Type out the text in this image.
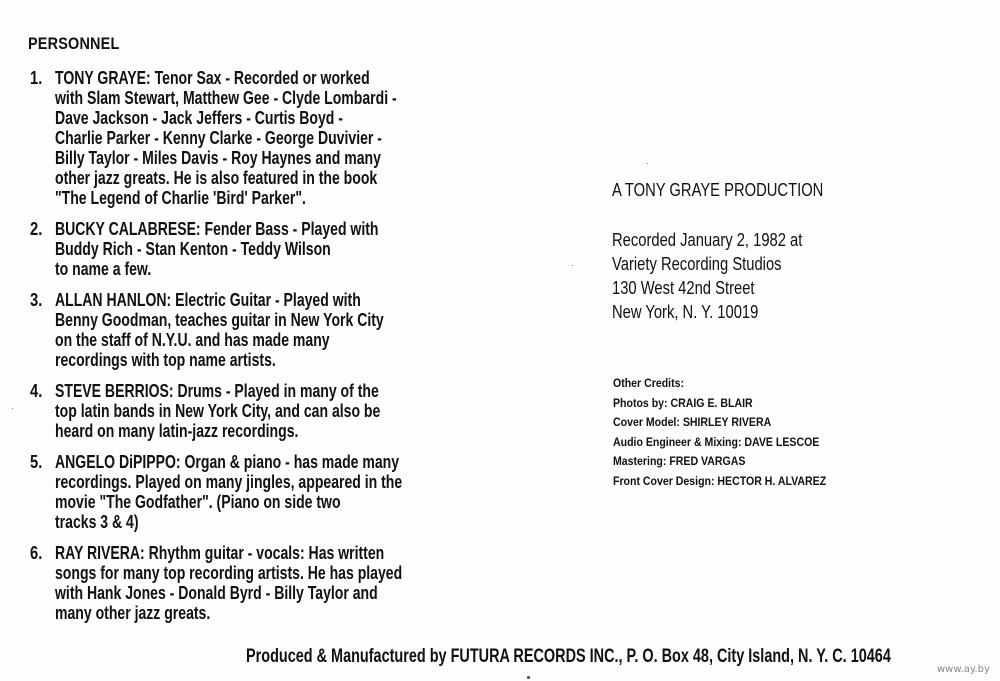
PERSONNEL
1. TONY GRAYE: Tenor Sax - Recorded or worked
with Slam Stewart, Matthew Gee - Clyde Lombardi -
Dave Jackson - Jack Jeffers - Curtis Boyd -
Charlie Parker - Kenny Clarke - George Duvivier -
Billy Taylor - Miles Davis - Roy Haynes and many
other jazz greats. He is also featured in the book
"The Legend of Charlie 'Bird' Parker".
2. BUCKY CALABRESE: Fender Bass - Played with
Buddy Rich - Stan Kenton - Teddy Wilson
to name a few.
3. ALLAN HANLON: Electric Guitar - Played with
Benny Goodman, teaches guitar in New York City
on the staff of N.Y.U. and has made many
recordings with top name artists.
4. STEVE BERRIOS: Drums - Played in many of the
top latin bands in New York City, and can also be
heard on many latin-jazz recordings.
5. ANGELO DiPIPPO: Organ & piano - has made many
recordings. Played on many jingles, appeared in the
movie "The Godfather". (Piano on side two
tracks 3 & 4)
6. RAY RIVERA: Rhythm guitar - vocals: Has written
songs for many top recording artists. He has played
with Hank Jones - Donald Byrd - Billy Taylor and
many other jazz greats.
A TONY GRAYE PRODUCTION
Recorded January 2, 1982 at
Variety Recording Studios
130 West 42nd Street
New York, N. Y. 10019
Other Credits:
Photos by: CRAIG E. BLAIR
Cover Model: SHIRLEY RIVERA
Audio Engineer & Mixing: DAVE LESCOE
Mastering: FRED VARGAS
Front Cover Design: HECTOR H. ALVAREZ
Produced & Manufactured by FUTURA RECORDS INC., P. O. Box 48, City Island, N. Y. C. 10464
www.ay.by
